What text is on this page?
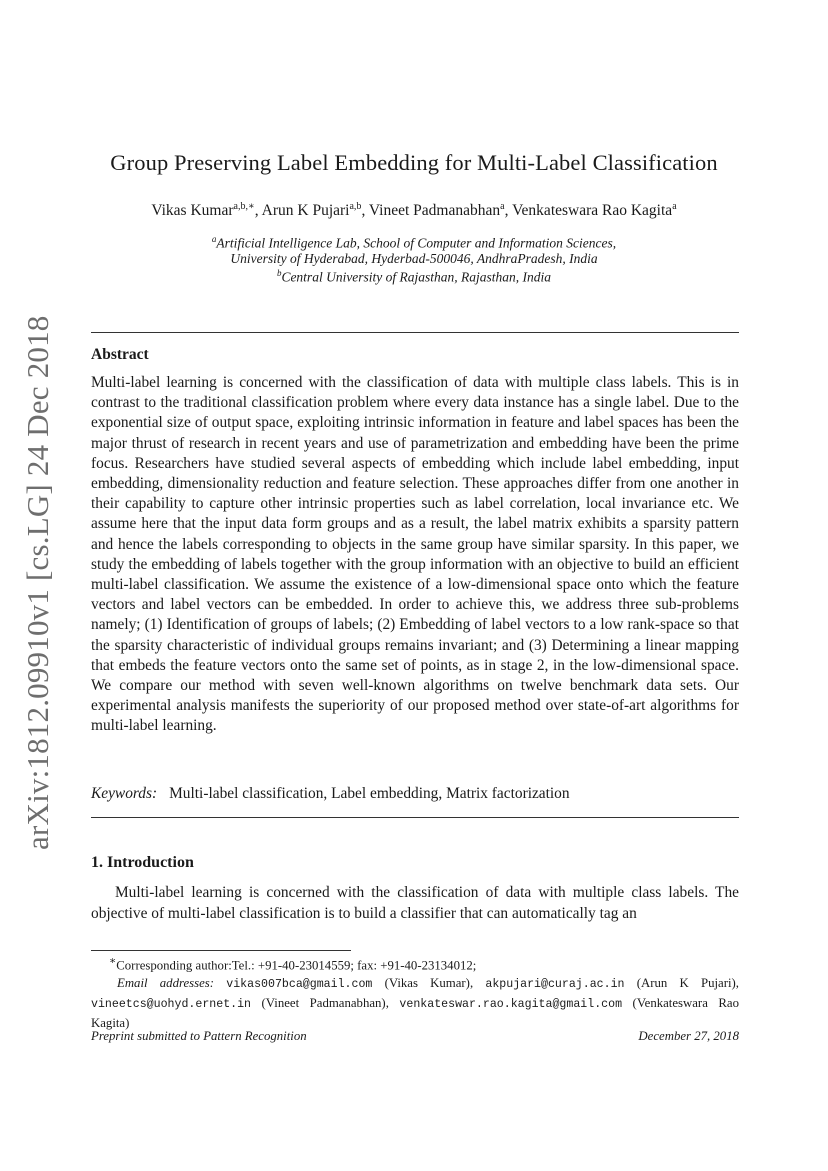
arXiv:1812.09910v1 [cs.LG] 24 Dec 2018
Group Preserving Label Embedding for Multi-Label Classification
Vikas Kumar$^{a,b,∗}$, Arun K Pujari$^{a,b}$, Vineet Padmanabhan$^a$, Venkateswara Rao Kagita$^a$
$^a$Artificial Intelligence Lab, School of Computer and Information Sciences,
University of Hyderabad, Hyderbad-500046, AndhraPradesh, India
$^b$Central University of Rajasthan, Rajasthan, India
Abstract
Multi-label learning is concerned with the classification of data with multiple class labels. This is in contrast to the traditional classification problem where every data instance has a single label. Due to the exponential size of output space, exploiting intrinsic information in feature and label spaces has been the major thrust of research in recent years and use of parametrization and embedding have been the prime focus. Researchers have studied several aspects of embedding which include label embedding, input embedding, dimensionality reduction and feature selection. These approaches differ from one another in their capability to capture other intrinsic properties such as label correlation, local invariance etc. We assume here that the input data form groups and as a result, the label matrix exhibits a sparsity pattern and hence the labels corresponding to objects in the same group have similar sparsity. In this paper, we study the embedding of labels together with the group information with an objective to build an efficient multi-label classification. We assume the existence of a low-dimensional space onto which the feature vectors and label vectors can be embedded. In order to achieve this, we address three sub-problems namely; (1) Identification of groups of labels; (2) Embedding of label vectors to a low rank-space so that the sparsity characteristic of individual groups remains invariant; and (3) Determining a linear mapping that embeds the feature vectors onto the same set of points, as in stage 2, in the low-dimensional space. We compare our method with seven well-known algorithms on twelve benchmark data sets. Our experimental analysis manifests the superiority of our proposed method over state-of-art algorithms for multi-label learning.
Keywords: Multi-label classification, Label embedding, Matrix factorization
1. Introduction
Multi-label learning is concerned with the classification of data with multiple class labels. The objective of multi-label classification is to build a classifier that can automatically tag an

∗Corresponding author:Tel.: +91-40-23014559; fax: +91-40-23134012;

Email addresses: vikas007bca@gmail.com (Vikas Kumar), akpujari@curaj.ac.in (Arun K Pujari), vineetcs@uohyd.ernet.in (Vineet Padmanabhan), venkateswar.rao.kagita@gmail.com (Venkateswara Rao Kagita)

Preprint submitted to Pattern Recognition	December 27, 2018
